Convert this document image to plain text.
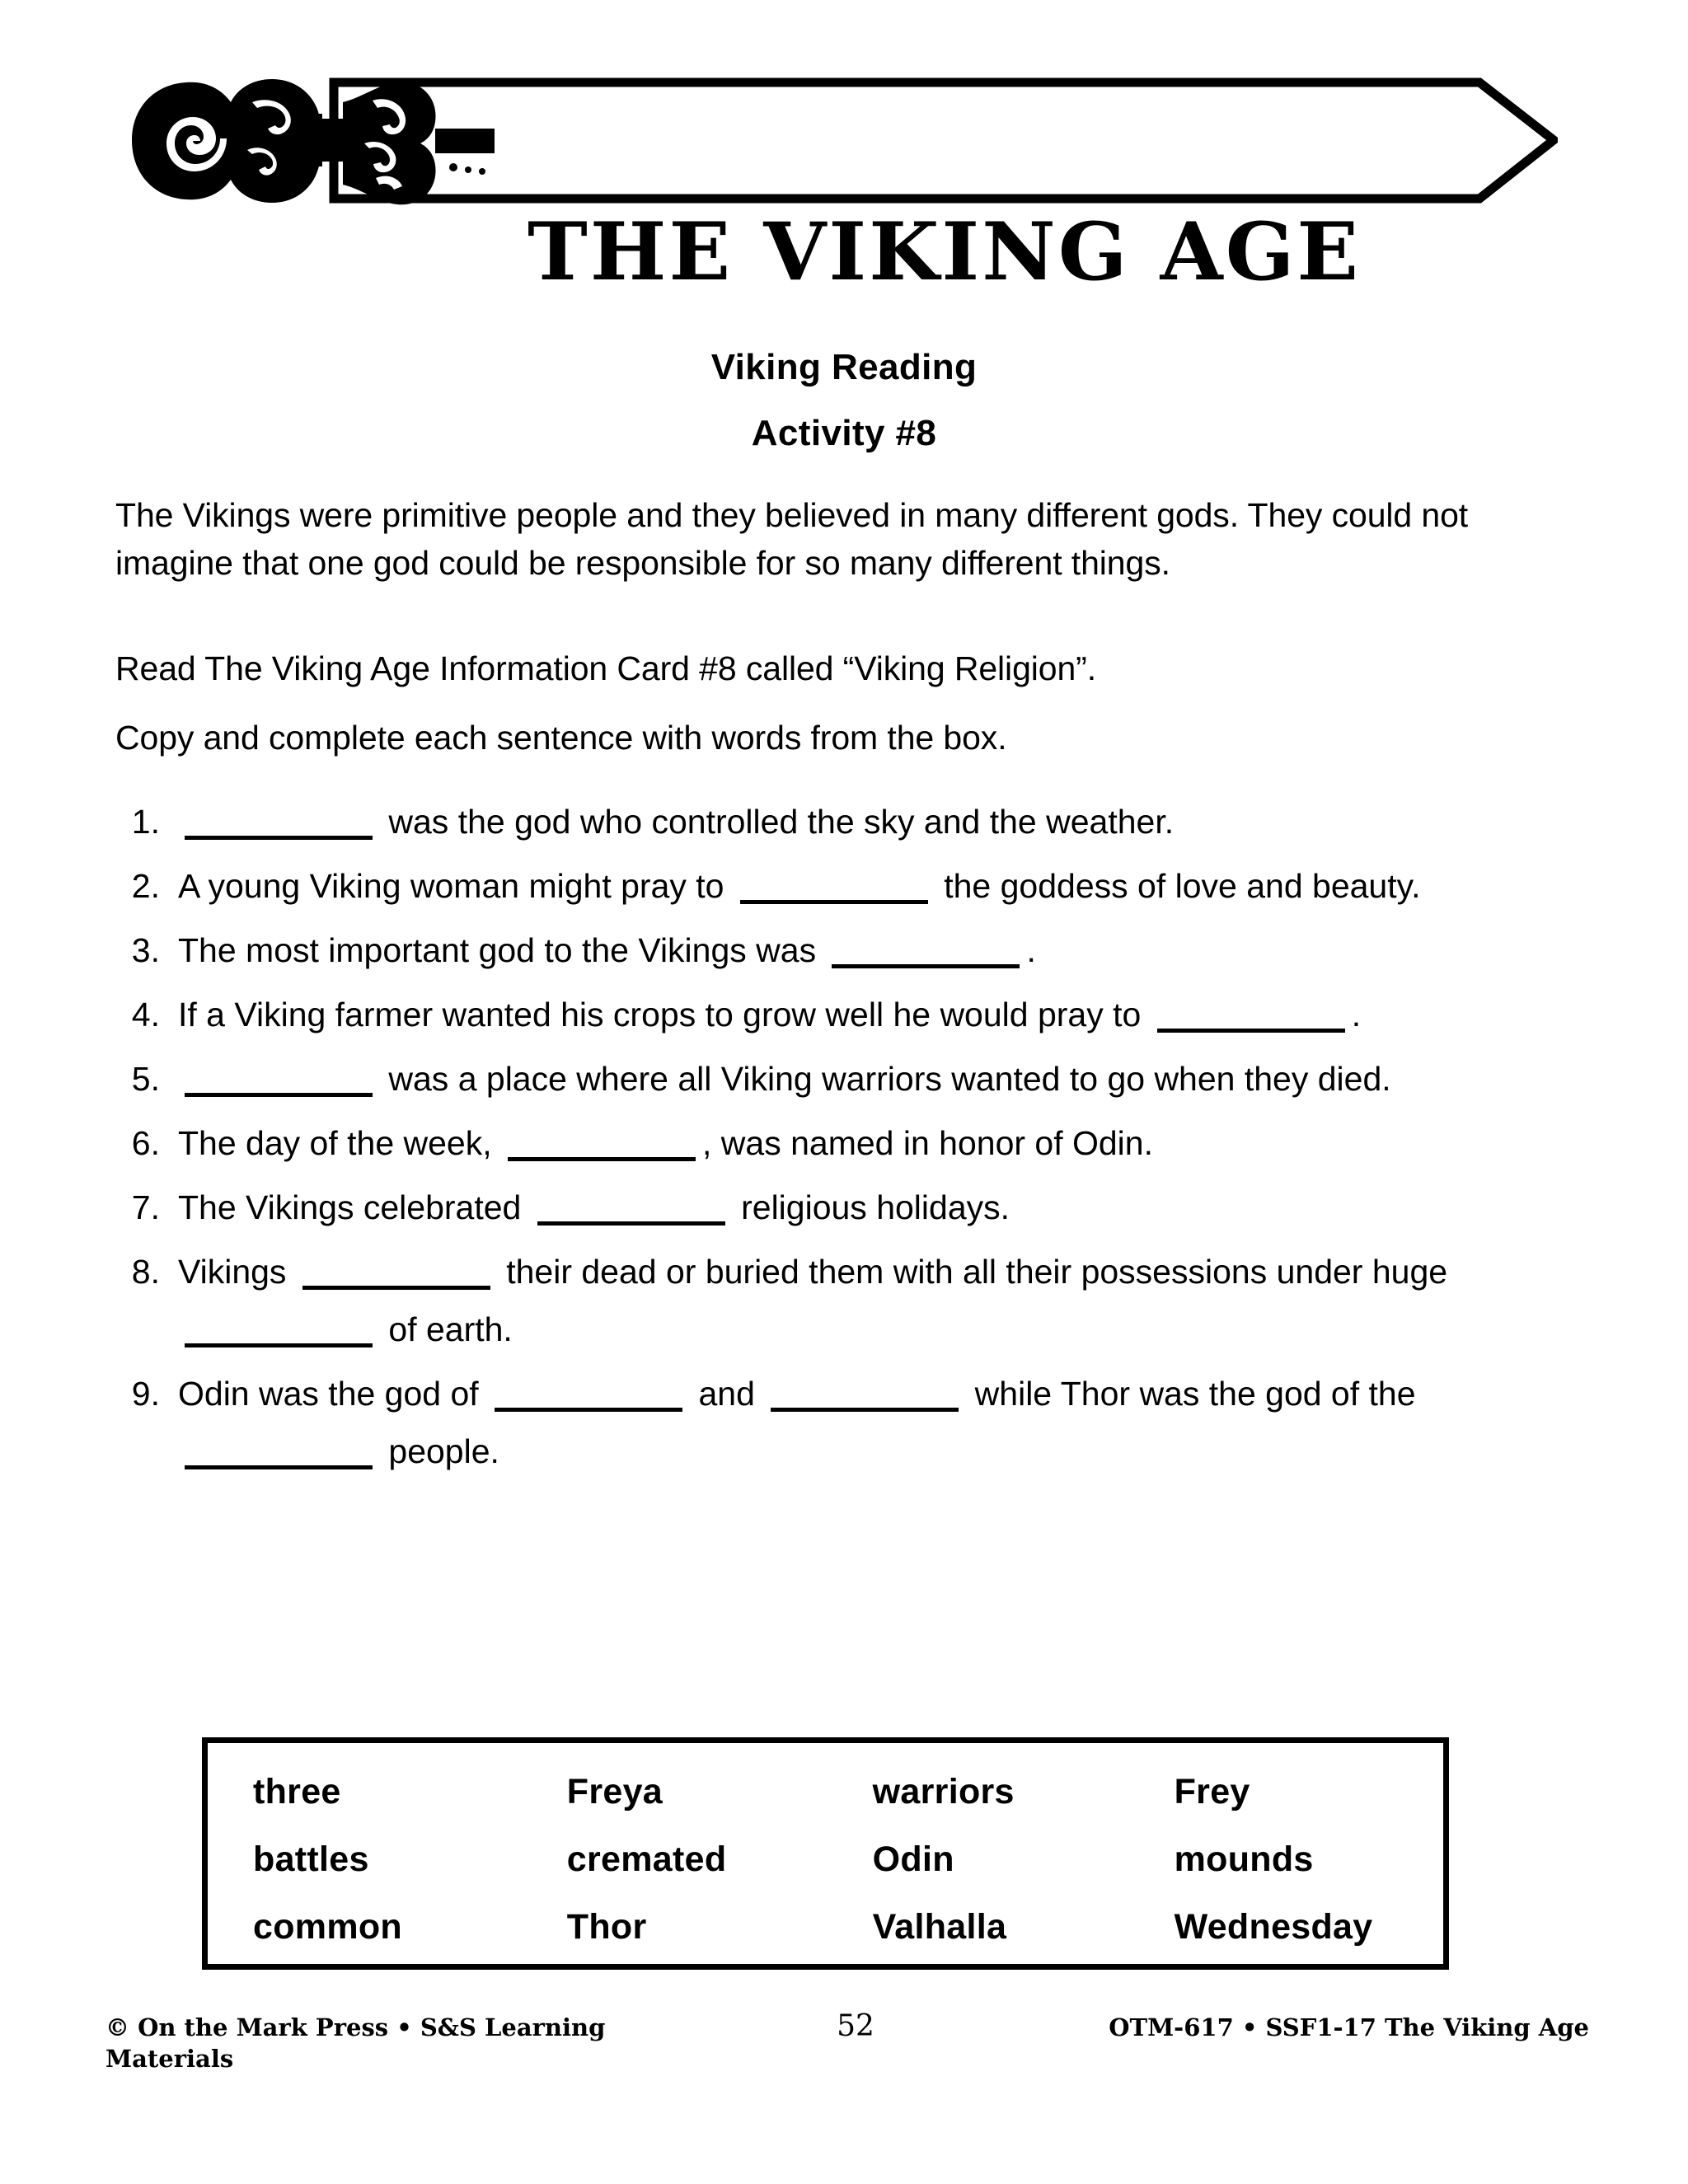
THE VIKING AGE
Viking Reading
Activity #8
The Vikings were primitive people and they believed in many different gods. They could not imagine that one god could be responsible for so many different things.
Read The Viking Age Information Card #8 called “Viking Religion”.
Copy and complete each sentence with words from the box.
1.	was the god who controlled the sky and the weather.
2. A young Viking woman might pray to	the goddess of love and beauty.
3. The most important god to the Vikings was	.
4. If a Viking farmer wanted his crops to grow well he would pray to	.
5.	was a place where all Viking warriors wanted to go when they died.
6. The day of the week,	, was named in honor of Odin.
7. The Vikings celebrated	religious holidays.
8. Vikings	their dead or buried them with all their possessions under huge  of earth.
9. Odin was the god of	and	while Thor was the god of the  people.
three	Freya	warriors	Frey
battles	cremated	Odin	mounds
common	Thor	Valhalla	Wednesday
© On the Mark Press • S&S Learning Materials
52	OTM-617 • SSF1-17 The Viking Age
